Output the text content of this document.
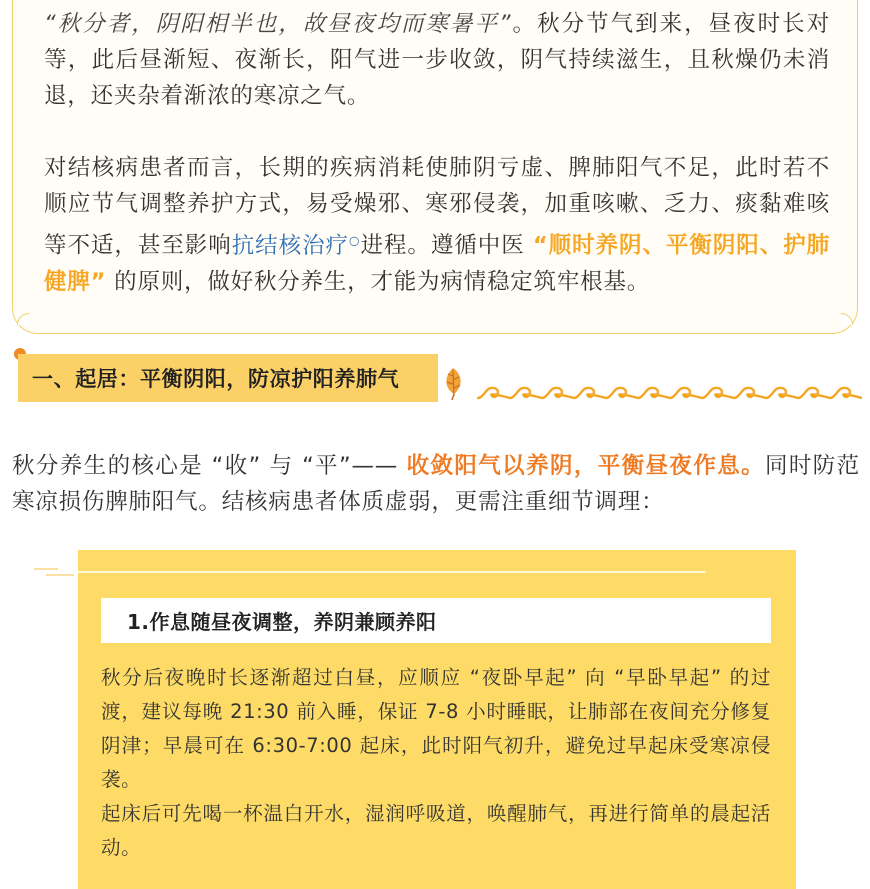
“秋分者，阴阳相半也，故昼夜均而寒暑平”。秋分节气到来，昼夜时长对等，此后昼渐短、夜渐长，阳气进一步收敛，阴气持续滋生，且秋燥仍未消退，还夹杂着渐浓的寒凉之气。

对结核病患者而言，长期的疾病消耗使肺阴亏虚、脾肺阳气不足，此时若不顺应节气调整养护方式，易受燥邪、寒邪侵袭，加重咳嗽、乏力、痰黏难咳等不适，甚至影响抗结核治疗○进程。遵循中医 “顺时养阴、平衡阴阳、护肺健脾” 的原则，做好秋分养生，才能为病情稳定筑牢根基。

一、起居：平衡阴阳，防凉护阳养肺气

秋分养生的核心是 “收” 与 “平”—— 收敛阳气以养阴，平衡昼夜作息。同时防范寒凉损伤脾肺阳气。结核病患者体质虚弱，更需注重细节调理：

1.作息随昼夜调整，养阴兼顾养阳

秋分后夜晚时长逐渐超过白昼，应顺应 “夜卧早起” 向 “早卧早起” 的过渡，建议每晚 21:30 前入睡，保证 7-8 小时睡眠，让肺部在夜间充分修复阴津；早晨可在 6:30-7:00 起床，此时阳气初升，避免过早起床受寒凉侵袭。

起床后可先喝一杯温白开水，湿润呼吸道，唤醒肺气，再进行简单的晨起活动。
